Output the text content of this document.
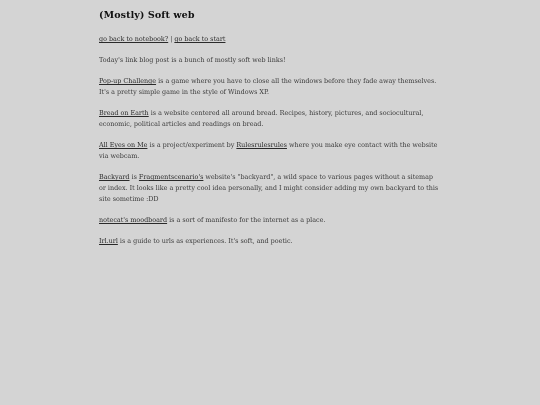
(Mostly) Soft web

go back to notebook? | go back to start

Today's link blog post is a bunch of mostly soft web links!

Pop-up Challenge is a game where you have to close all the windows before they fade away themselves. It's a pretty simple game in the style of Windows XP.

Bread on Earth is a website centered all around bread. Recipes, history, pictures, and sociocultural, economic, political articles and readings on bread.

All Eyes on Me is a project/experiment by Rulesrulesrules where you make eye contact with the website via webcam.

Backyard is Fragmentscenario's website's "backyard", a wild space to various pages without a sitemap or index. It looks like a pretty cool idea personally, and I might consider adding my own backyard to this site sometime :DD

notecat's moodboard is a sort of manifesto for the internet as a place.

Irl.url is a guide to urls as experiences. It's soft, and poetic.
